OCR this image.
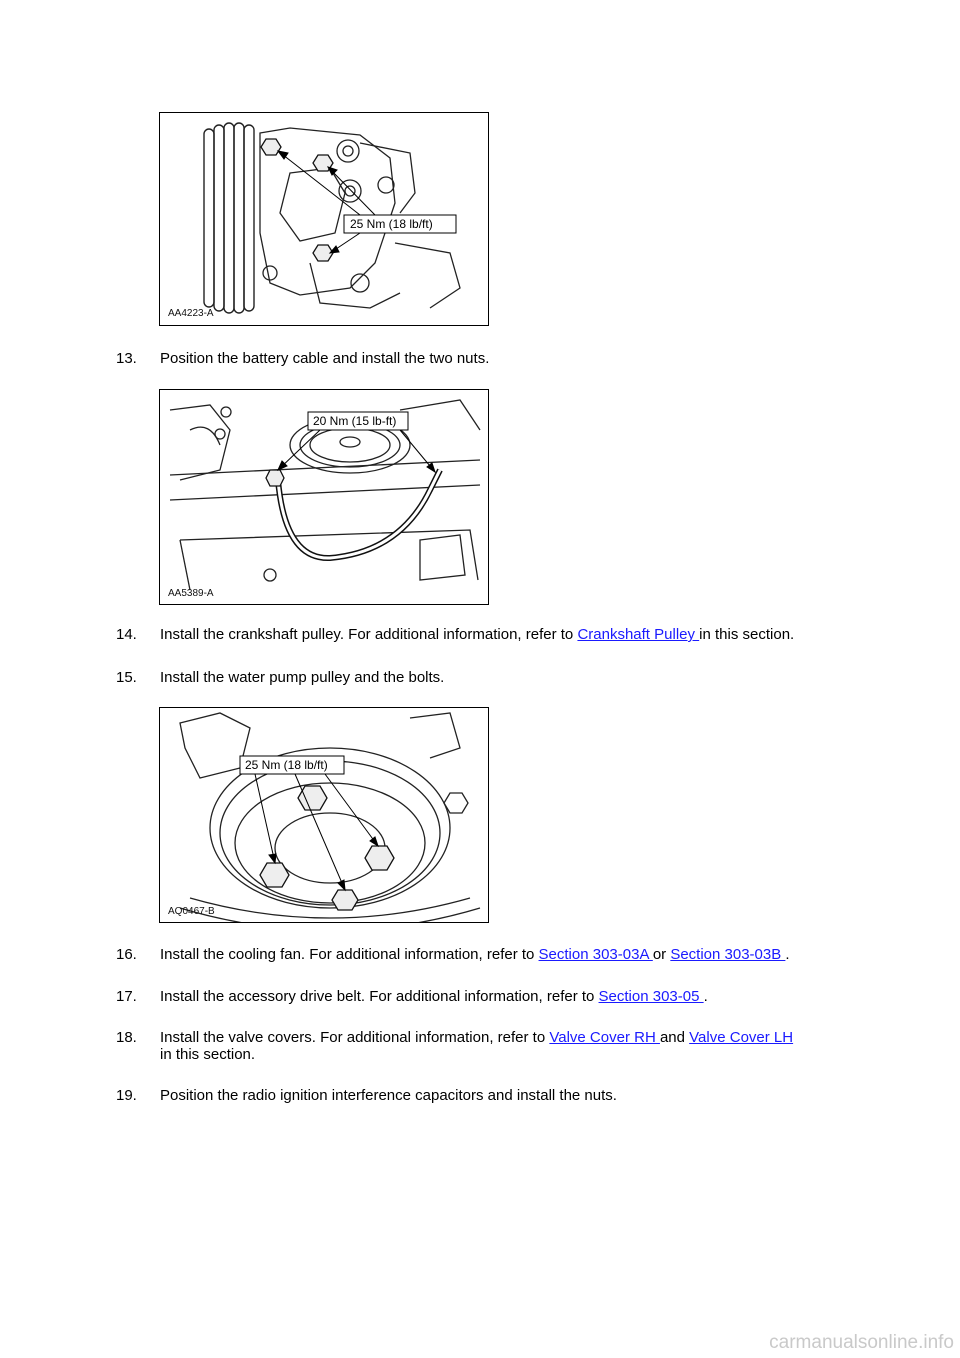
25 Nm (18 lb/ft)
AA4223-A
13. Position the battery cable and install the two nuts.
20 Nm (15 lb-ft)
AA5389-A
14. Install the crankshaft pulley. For additional information, refer to Crankshaft Pulley in this section.
15. Install the water pump pulley and the bolts.
25 Nm (18 lb/ft)
AQ0467-B
16. Install the cooling fan. For additional information, refer to Section 303-03A or Section 303-03B .
17. Install the accessory drive belt. For additional information, refer to Section 303-05 .
18. Install the valve covers. For additional information, refer to Valve Cover RH and Valve Cover LH
in this section.
19. Position the radio ignition interference capacitors and install the nuts.
carmanualsonline.info
